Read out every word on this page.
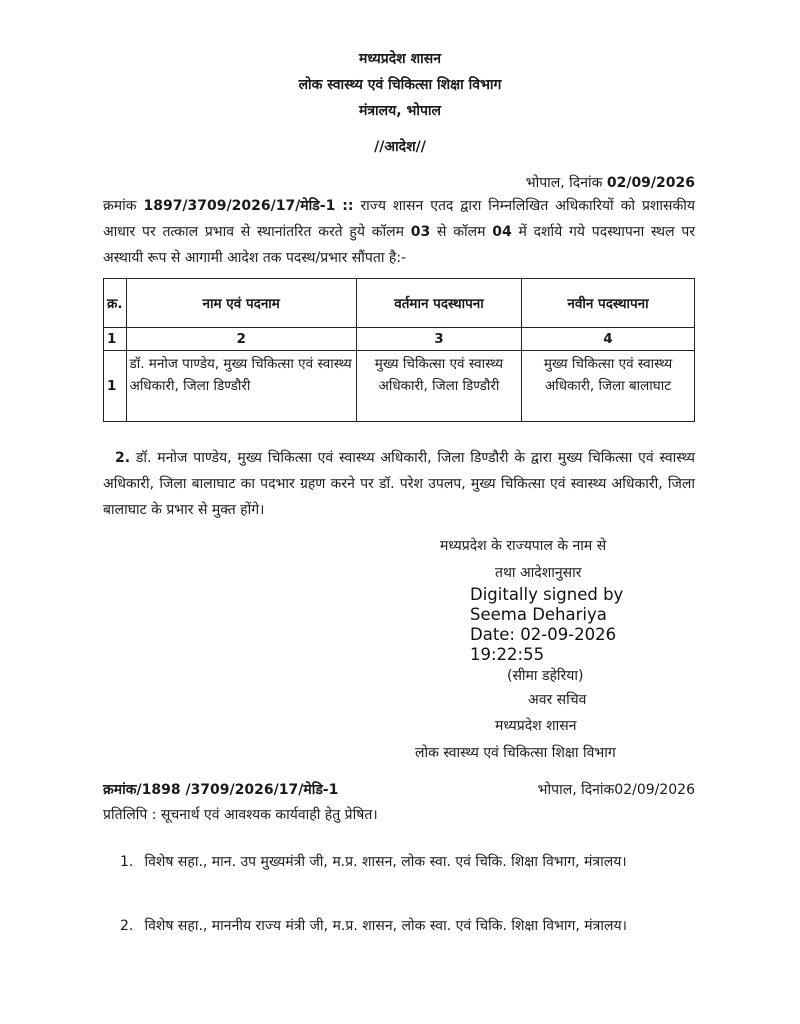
मध्यप्रदेश शासन
लोक स्वास्थ्य एवं चिकित्सा शिक्षा विभाग
मंत्रालय, भोपाल
//आदेश//
भोपाल, दिनांक 02/09/2026
क्रमांक 1897/3709/2026/17/मेडि-1 :: राज्य शासन एतद द्वारा निम्नलिखित अधिकारियों को प्रशासकीय आधार पर तत्काल प्रभाव से स्थानांतरित करते हुये कॉलम 03 से कॉलम 04 में दर्शाये गये पदस्थापना स्थल पर अस्थायी रूप से आगामी आदेश तक पदस्थ/प्रभार सौंपता है:-
क्र.	नाम एवं पदनाम	वर्तमान पदस्थापना	नवीन पदस्थापना
1	2	3	4
1	डॉ. मनोज पाण्डेय, मुख्य चिकित्सा एवं स्वास्थ्य अधिकारी, जिला डिण्डौरी	मुख्य चिकित्सा एवं स्वास्थ्य अधिकारी, जिला डिण्डौरी	मुख्य चिकित्सा एवं स्वास्थ्य अधिकारी, जिला बालाघाट
2. डॉ. मनोज पाण्डेय, मुख्य चिकित्सा एवं स्वास्थ्य अधिकारी, जिला डिण्डौरी के द्वारा मुख्य चिकित्सा एवं स्वास्थ्य अधिकारी, जिला बालाघाट का पदभार ग्रहण करने पर डॉ. परेश उपलप, मुख्य चिकित्सा एवं स्वास्थ्य अधिकारी, जिला बालाघाट के प्रभार से मुक्त होंगे।
मध्यप्रदेश के राज्यपाल के नाम से
तथा आदेशानुसार
Digitally signed by
Seema Dehariya
Date: 02-09-2026
19:22:55
(सीमा डहेरिया)
अवर सचिव
मध्यप्रदेश शासन
लोक स्वास्थ्य एवं चिकित्सा शिक्षा विभाग
क्रमांक/1898 /3709/2026/17/मेडि-1	भोपाल, दिनांक02/09/2026
प्रतिलिपि : सूचनार्थ एवं आवश्यक कार्यवाही हेतु प्रेषित।
1. विशेष सहा., मान. उप मुख्यमंत्री जी, म.प्र. शासन, लोक स्वा. एवं चिकि. शिक्षा विभाग, मंत्रालय।
2. विशेष सहा., माननीय राज्य मंत्री जी, म.प्र. शासन, लोक स्वा. एवं चिकि. शिक्षा विभाग, मंत्रालय।
